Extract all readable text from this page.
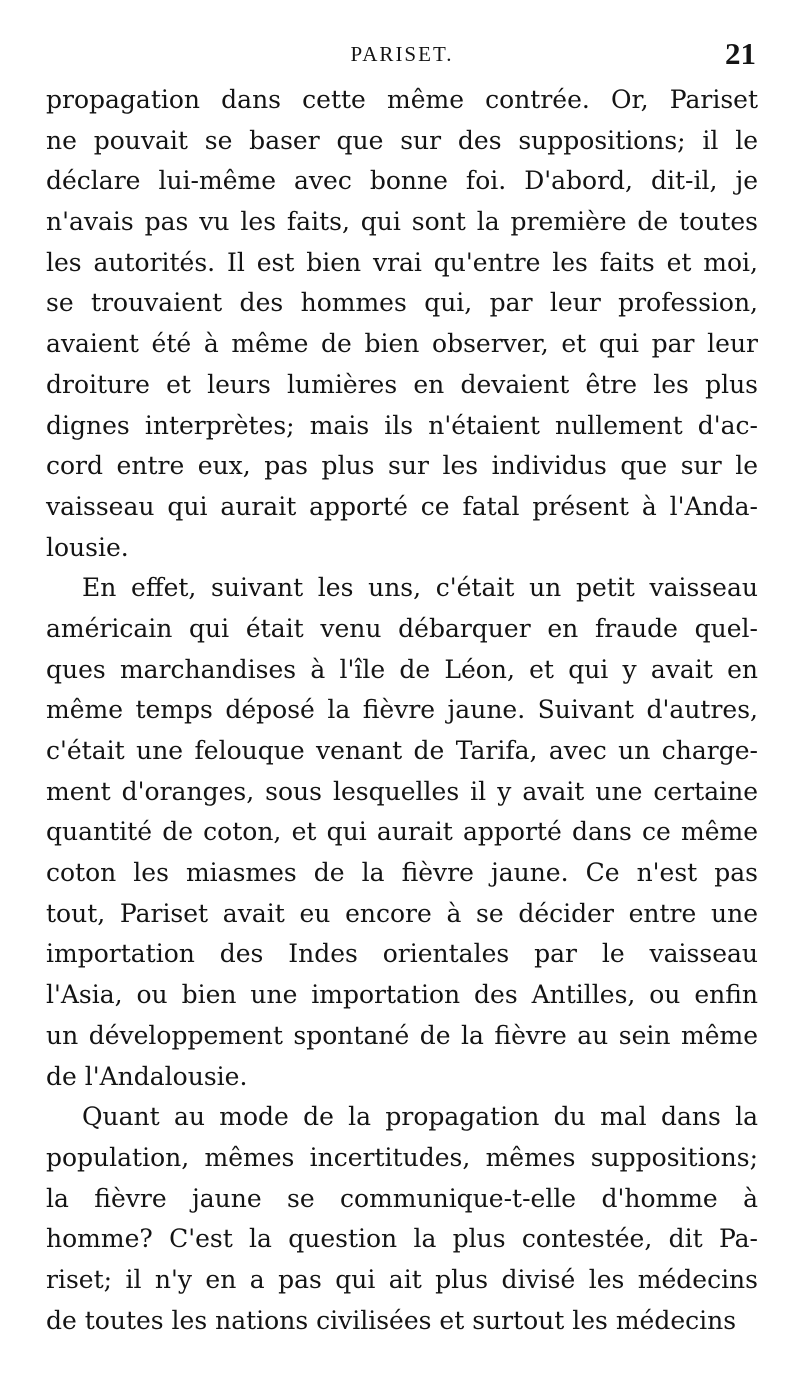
PARISET.	21
propagation dans cette même contrée. Or, Pariset
ne pouvait se baser que sur des suppositions; il le
déclare lui-même avec bonne foi. D'abord, dit-il, je
n'avais pas vu les faits, qui sont la première de toutes
les autorités. Il est bien vrai qu'entre les faits et moi,
se trouvaient des hommes qui, par leur profession,
avaient été à même de bien observer, et qui par leur
droiture et leurs lumières en devaient être les plus
dignes interprètes; mais ils n'étaient nullement d'ac-
cord entre eux, pas plus sur les individus que sur le
vaisseau qui aurait apporté ce fatal présent à l'Anda-
lousie.
En effet, suivant les uns, c'était un petit vaisseau
américain qui était venu débarquer en fraude quel-
ques marchandises à l'île de Léon, et qui y avait en
même temps déposé la fièvre jaune. Suivant d'autres,
c'était une felouque venant de Tarifa, avec un charge-
ment d'oranges, sous lesquelles il y avait une certaine
quantité de coton, et qui aurait apporté dans ce même
coton les miasmes de la fièvre jaune. Ce n'est pas
tout, Pariset avait eu encore à se décider entre une
importation des Indes orientales par le vaisseau
l'Asia, ou bien une importation des Antilles, ou enfin
un développement spontané de la fièvre au sein même
de l'Andalousie.
Quant au mode de la propagation du mal dans la
population, mêmes incertitudes, mêmes suppositions;
la fièvre jaune se communique-t-elle d'homme à
homme? C'est la question la plus contestée, dit Pa-
riset; il n'y en a pas qui ait plus divisé les médecins
de toutes les nations civilisées et surtout les médecins
